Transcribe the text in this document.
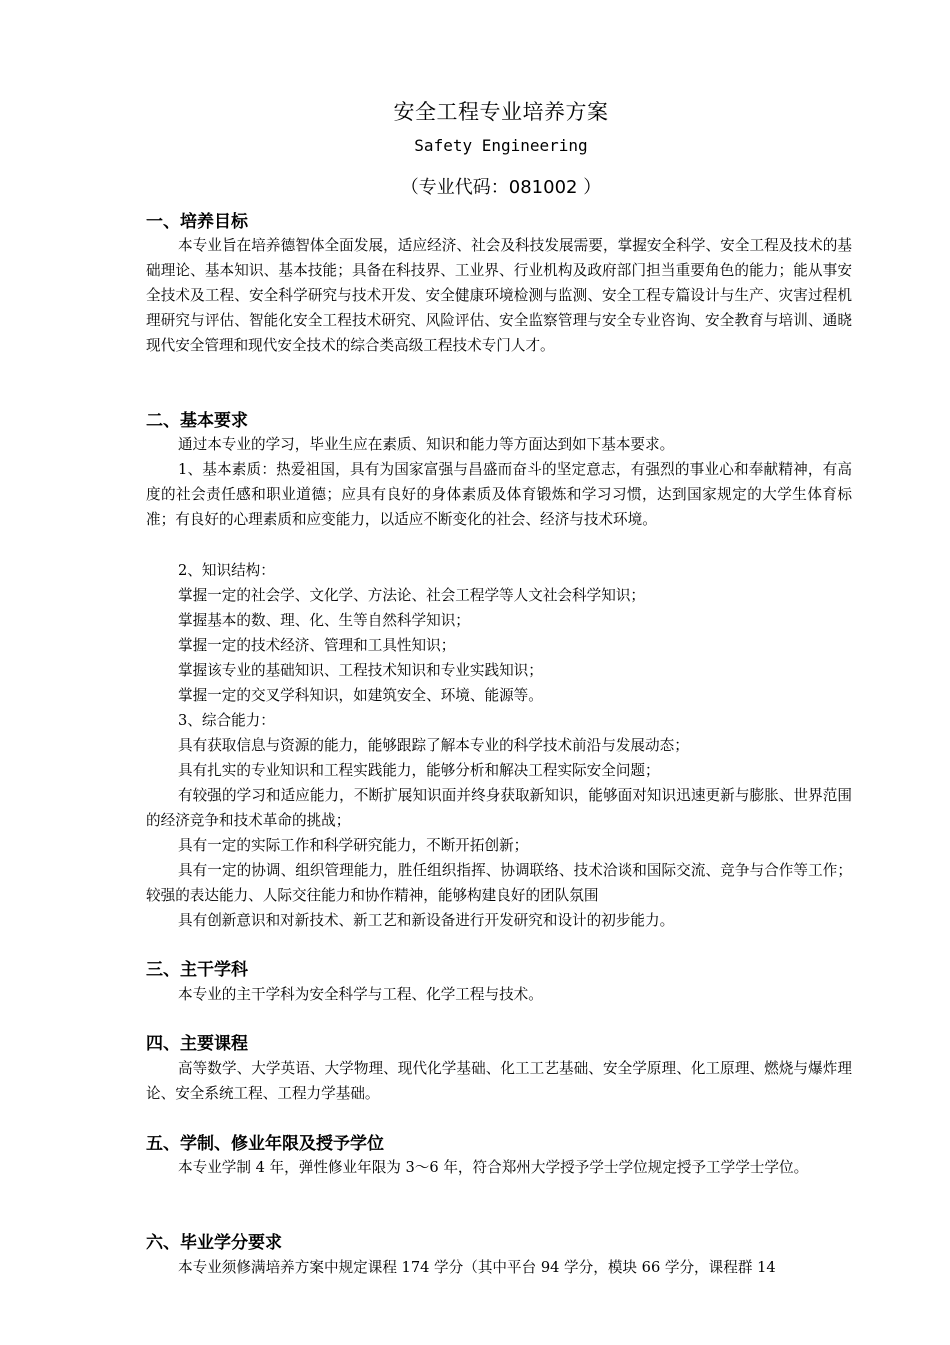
安全工程专业培养方案
Safety Engineering
（专业代码：081002 ）
一、培养目标
本专业旨在培养德智体全面发展，适应经济、社会及科技发展需要，掌握安全科学、安全工程及技术的基础理论、基本知识、基本技能；具备在科技界、工业界、行业机构及政府部门担当重要角色的能力；能从事安全技术及工程、安全科学研究与技术开发、安全健康环境检测与监测、安全工程专篇设计与生产、灾害过程机理研究与评估、智能化安全工程技术研究、风险评估、安全监察管理与安全专业咨询、安全教育与培训、通晓现代安全管理和现代安全技术的综合类高级工程技术专门人才。
二、基本要求
通过本专业的学习，毕业生应在素质、知识和能力等方面达到如下基本要求。
1、基本素质：热爱祖国，具有为国家富强与昌盛而奋斗的坚定意志，有强烈的事业心和奉献精神，有高度的社会责任感和职业道德；应具有良好的身体素质及体育锻炼和学习习惯，达到国家规定的大学生体育标准；有良好的心理素质和应变能力，以适应不断变化的社会、经济与技术环境。
2、知识结构：
掌握一定的社会学、文化学、方法论、社会工程学等人文社会科学知识；
掌握基本的数、理、化、生等自然科学知识；
掌握一定的技术经济、管理和工具性知识；
掌握该专业的基础知识、工程技术知识和专业实践知识；
掌握一定的交叉学科知识，如建筑安全、环境、能源等。
3、综合能力：
具有获取信息与资源的能力，能够跟踪了解本专业的科学技术前沿与发展动态；
具有扎实的专业知识和工程实践能力，能够分析和解决工程实际安全问题；
有较强的学习和适应能力，不断扩展知识面并终身获取新知识，能够面对知识迅速更新与膨胀、世界范围的经济竞争和技术革命的挑战；
具有一定的实际工作和科学研究能力，不断开拓创新；
具有一定的协调、组织管理能力，胜任组织指挥、协调联络、技术洽谈和国际交流、竞争与合作等工作；较强的表达能力、人际交往能力和协作精神，能够构建良好的团队氛围
具有创新意识和对新技术、新工艺和新设备进行开发研究和设计的初步能力。
三、主干学科
本专业的主干学科为安全科学与工程、化学工程与技术。
四、主要课程
高等数学、大学英语、大学物理、现代化学基础、化工工艺基础、安全学原理、化工原理、燃烧与爆炸理论、安全系统工程、工程力学基础。
五、学制、修业年限及授予学位
本专业学制 4 年，弹性修业年限为 3～6 年，符合郑州大学授予学士学位规定授予工学学士学位。
六、毕业学分要求
本专业须修满培养方案中规定课程 174 学分（其中平台 94 学分，模块 66 学分，课程群 14
